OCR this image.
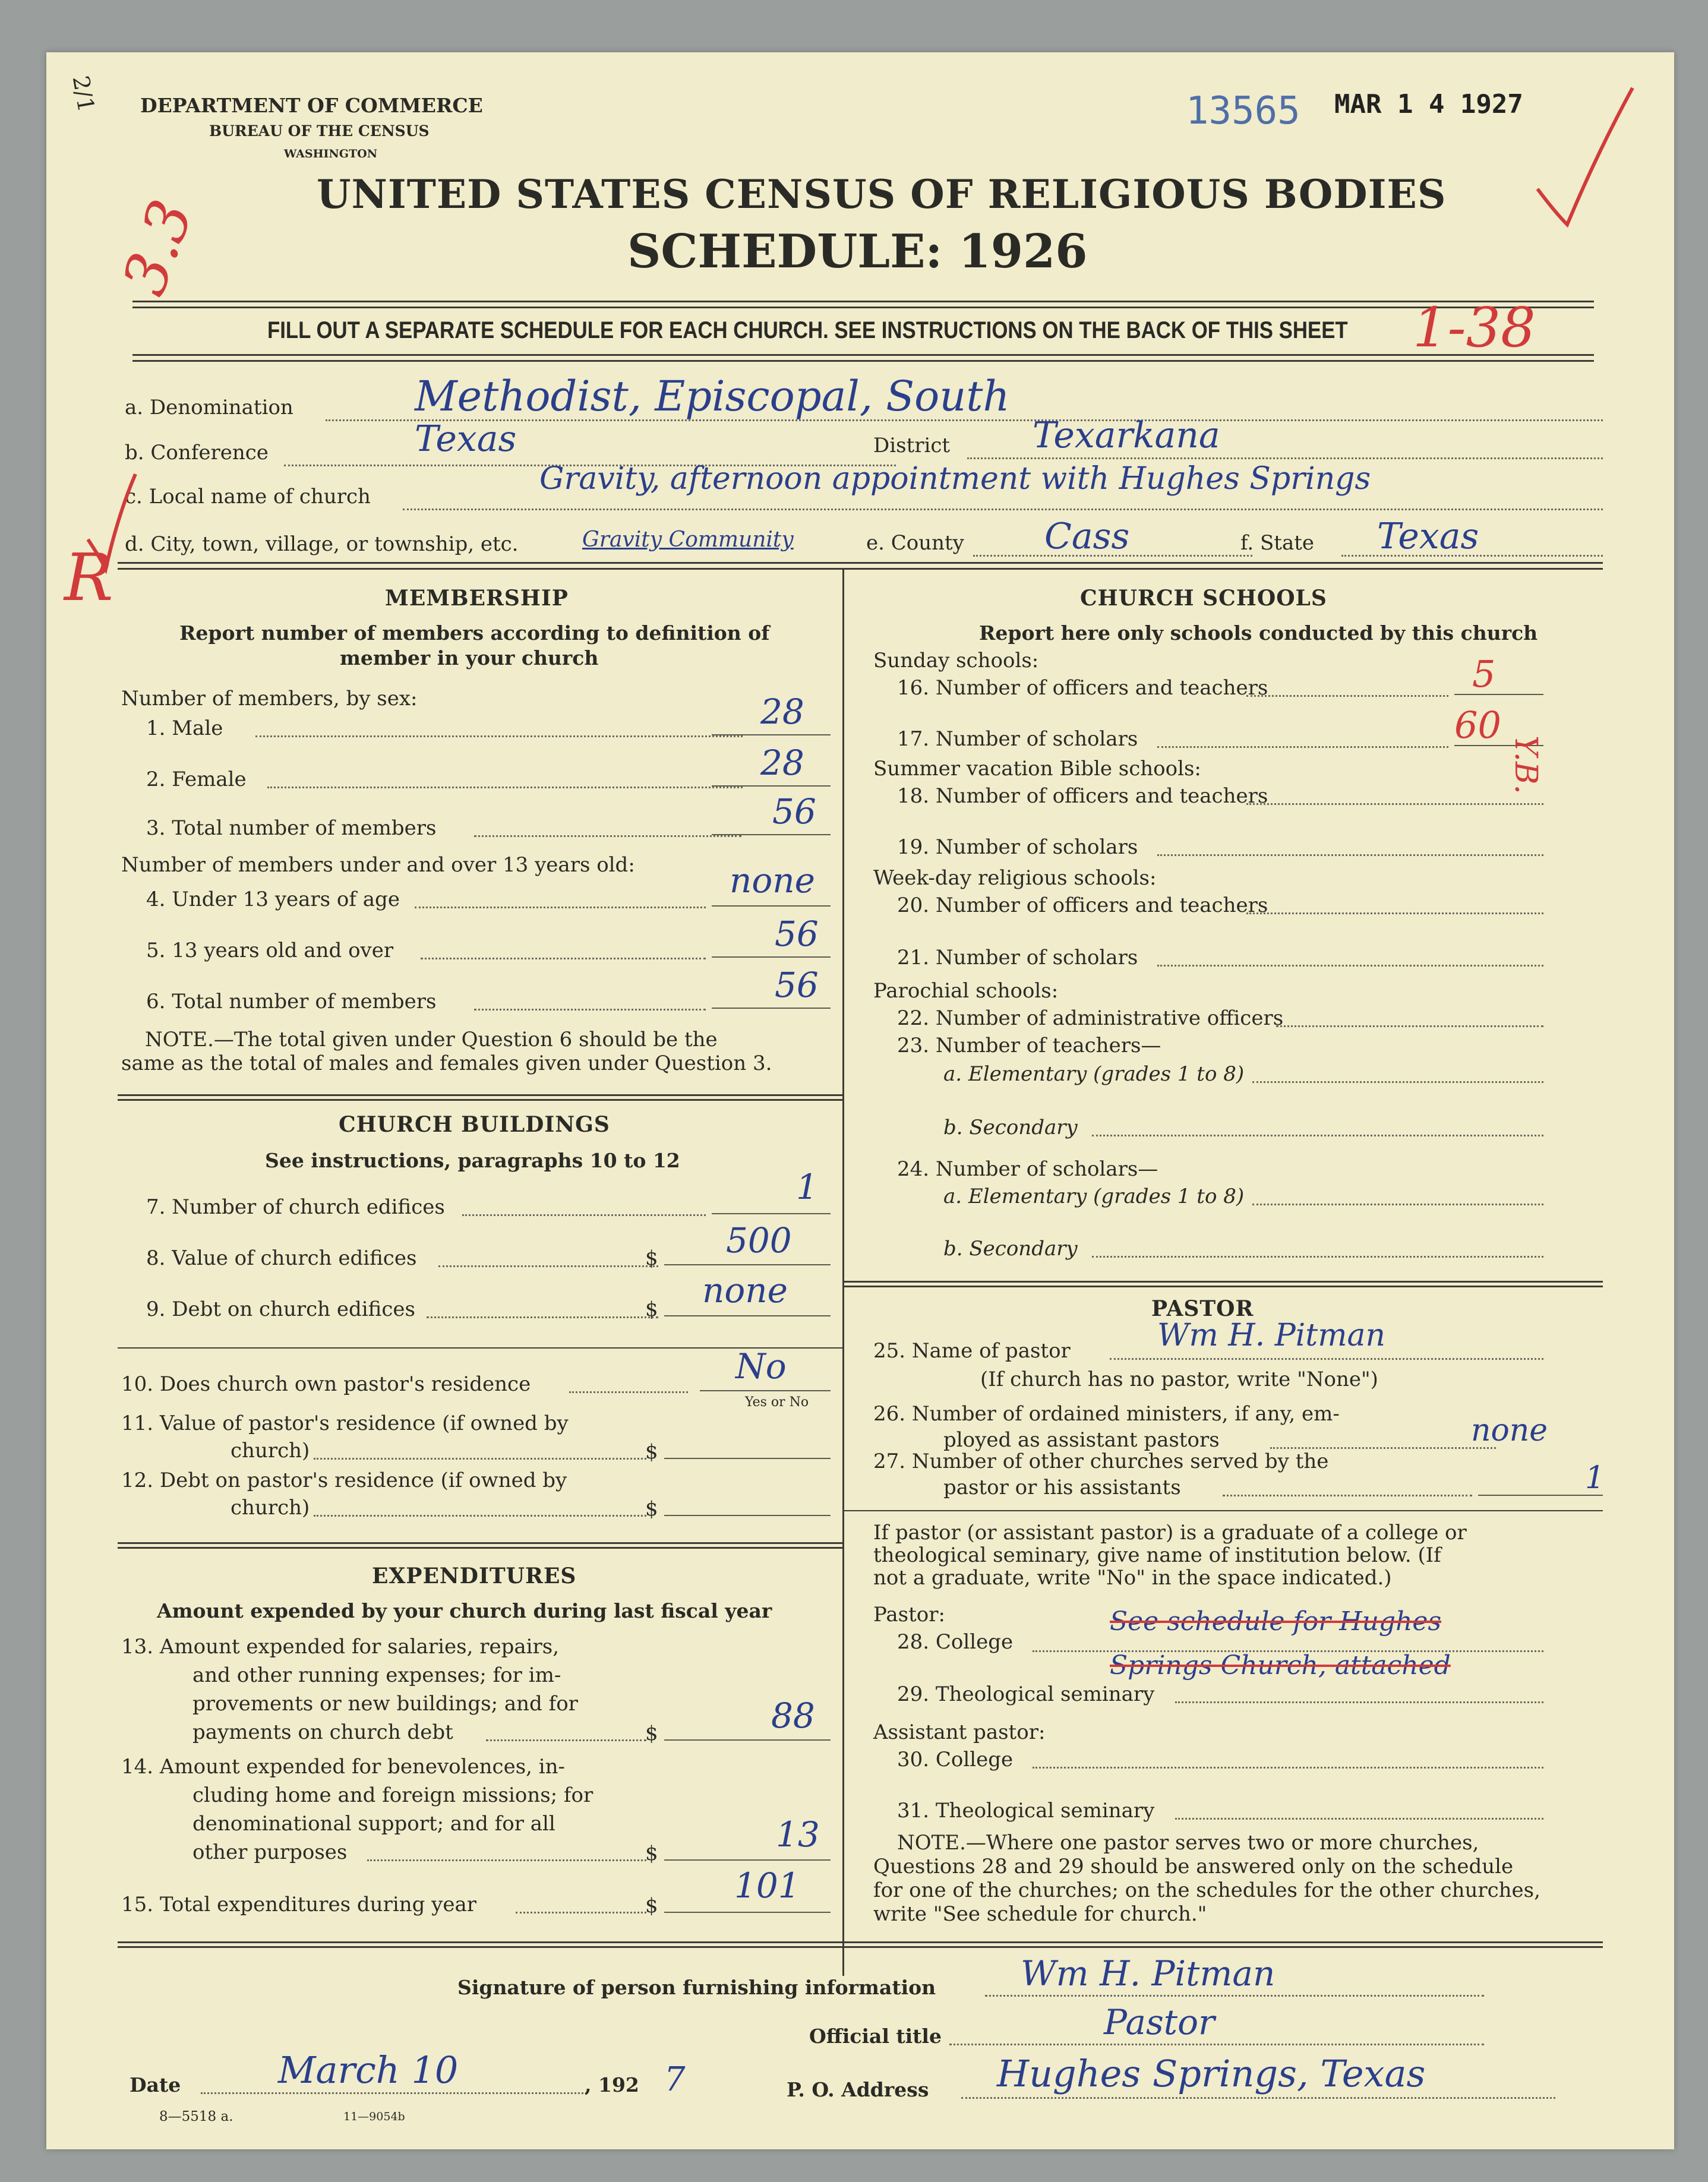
2/1 DEPARTMENT OF COMMERCE
BUREAU OF THE CENSUS
WASHINGTON
UNITED STATES CENSUS OF RELIGIOUS BODIES
SCHEDULE: 1926
13565 MAR 1 4 1927
3.3
FILL OUT A SEPARATE SCHEDULE FOR EACH CHURCH. SEE INSTRUCTIONS ON THE BACK OF THIS SHEET 1-38
a. Denomination	Methodist, Episcopal, South
b. Conference	Texas	District Texarkana
c. Local name of church	Gravity, afternoon appointment with Hughes Springs
R d. City, town, village, or township, etc.	Gravity Community	e. County Cass	f. State Texas
MEMBERSHIP
Report number of members according to definition of
member in your church
Number of members, by sex:
1. Male	28
2. Female	28
3. Total number of members	56
Number of members under and over 13 years old:
4. Under 13 years of age	none
5. 13 years old and over	56
6. Total number of members	56
NOTE.—The total given under Question 6 should be the
same as the total of males and females given under Question 3.
CHURCH BUILDINGS
See instructions, paragraphs 10 to 12
7. Number of church edifices	1
8. Value of church edifices	$ 500
9. Debt on church edifices	$ none
10. Does church own pastor's residence	No
Yes or No
11. Value of pastor's residence (if owned by
church)	$
12. Debt on pastor's residence (if owned by
church)	$
EXPENDITURES
Amount expended by your church during last fiscal year
13. Amount expended for salaries, repairs,
and other running expenses; for im-
provements or new buildings; and for
payments on church debt	$	88
14. Amount expended for benevolences, in-
cluding home and foreign missions; for
denominational support; and for all
other purposes	$	13
15. Total expenditures during year	$ 101
CHURCH SCHOOLS
Report here only schools conducted by this church
Sunday schools:
16. Number of officers and teachers	5
17. Number of scholars	60
Y.B.
Summer vacation Bible schools:
18. Number of officers and teachers
19. Number of scholars
Week-day religious schools:
20. Number of officers and teachers
21. Number of scholars
Parochial schools:
22. Number of administrative officers
23. Number of teachers—
a. Elementary (grades 1 to 8)
b. Secondary
24. Number of scholars—
a. Elementary (grades 1 to 8)
b. Secondary
PASTOR
25. Name of pastor	Wm H. Pitman
(If church has no pastor, write "None")
26. Number of ordained ministers, if any, em-
ployed as assistant pastors	none
27. Number of other churches served by the
pastor or his assistants	1
If pastor (or assistant pastor) is a graduate of a college or
theological seminary, give name of institution below. (If
not a graduate, write "No" in the space indicated.)
Pastor:
28. College
See schedule for Hughes
Springs Church, attached
29. Theological seminary
Assistant pastor:
30. College
31. Theological seminary
NOTE.—Where one pastor serves two or more churches,
Questions 28 and 29 should be answered only on the schedule
for one of the churches; on the schedules for the other churches,
write "See schedule for church."
Signature of person furnishing information Wm H. Pitman
Official title	Pastor
Date	March 10	, 192 7	P. O. Address Hughes Springs, Texas
8—5518 a.	11—9054b
